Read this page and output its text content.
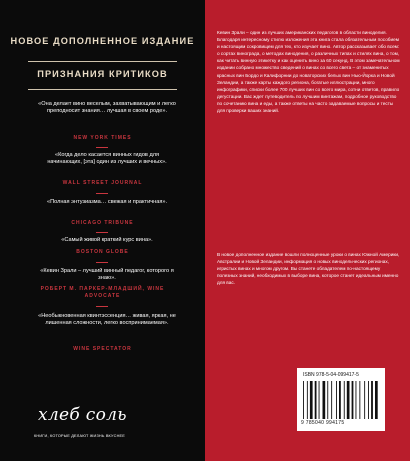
НОВОЕ ДОПОЛНЕННОЕ ИЗДАНИЕ
ПРИЗНАНИЯ КРИТИКОВ
«Она делает вино веселым, захватывающим и легко преподносит знания… лучшая в своем роде».
NEW YORK TIMES
«Когда дело касается винных гидов для начинающих, [эта] один из лучших и вечных».
WALL STREET JOURNAL
«Полная энтузиазма… свежая и практичная».
CHICAGO TRIBUNE
«Самый живой краткий курс вина».
BOSTON GLOBE
«Кевин Зрали – лучший винный педагог, которого я знаю».
РОБЕРТ М. ПАРКЕР-МЛАДШИЙ, WINE ADVOCATE
«Необыкновенная квинтэссенция… живая, яркая, не лишенная сложности, легко воспринимаемая».
WINE SPECTATOR
хлеб соль
КНИГИ, КОТОРЫЕ ДЕЛАЮТ ЖИЗНЬ ВКУСНЕЕ
Кевин Зрали – один из лучших американских педагогов в области виноделия. Благодаря интересному стилю изложения эта книга стала обязательным пособием и настоящим сокровищем для тех, кто изучает вино. Автор рассказывает обо всем: о сортах винограда, о методах винодения, о различных типах и стилях вина, о том, как читать винную этикетку и как оценить вино за 60 секунд. В этом замечательном издании собрано множество сведений о винах со всего света – от знаменитых красных вин Бордо и Калифорнии до новаторских белых вин Нью-Йорка и Новой Зеландии, а также карты каждого региона, богатые иллюстрации, много инфографики, списки более 700 лучших вин со всего мира, сотни ответов, правило дегустации. Вас ждет путеводитель по лучшим винтажам, подробное руководство по сочетанию вина и еды, а также ответы на часто задаваемые вопросы и тесты для проверки ваших знаний.
В новое дополненное издание вошли полноценные уроки о винах Южной Америки, Австралии и Новой Зеландии, информация о новых винодельческих регионах, игристых винах и многом другом. Вы станете обладателем по-настоящему полезных знаний, необходимых в выборе вина, которое станет идеальным именно для вас.
ISBN 978-5-04-099417-5
9 785040 994175
